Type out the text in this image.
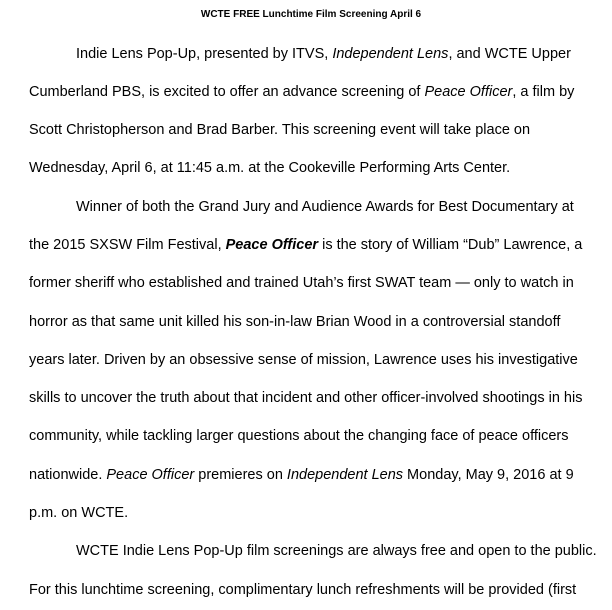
WCTE FREE Lunchtime Film Screening April 6
Indie Lens Pop-Up, presented by ITVS, Independent Lens, and WCTE Upper
Cumberland PBS, is excited to offer an advance screening of Peace Officer, a film by
Scott Christopherson and Brad Barber. This screening event will take place on
Wednesday, April 6, at 11:45 a.m. at the Cookeville Performing Arts Center.
Winner of both the Grand Jury and Audience Awards for Best Documentary at
the 2015 SXSW Film Festival, Peace Officer is the story of William “Dub” Lawrence, a
former sheriff who established and trained Utah’s first SWAT team — only to watch in
horror as that same unit killed his son-in-law Brian Wood in a controversial standoff
years later. Driven by an obsessive sense of mission, Lawrence uses his investigative
skills to uncover the truth about that incident and other officer-involved shootings in his
community, while tackling larger questions about the changing face of peace officers
nationwide. Peace Officer premieres on Independent Lens Monday, May 9, 2016 at 9
p.m. on WCTE.
WCTE Indie Lens Pop-Up film screenings are always free and open to the public.
For this lunchtime screening, complimentary lunch refreshments will be provided (first
